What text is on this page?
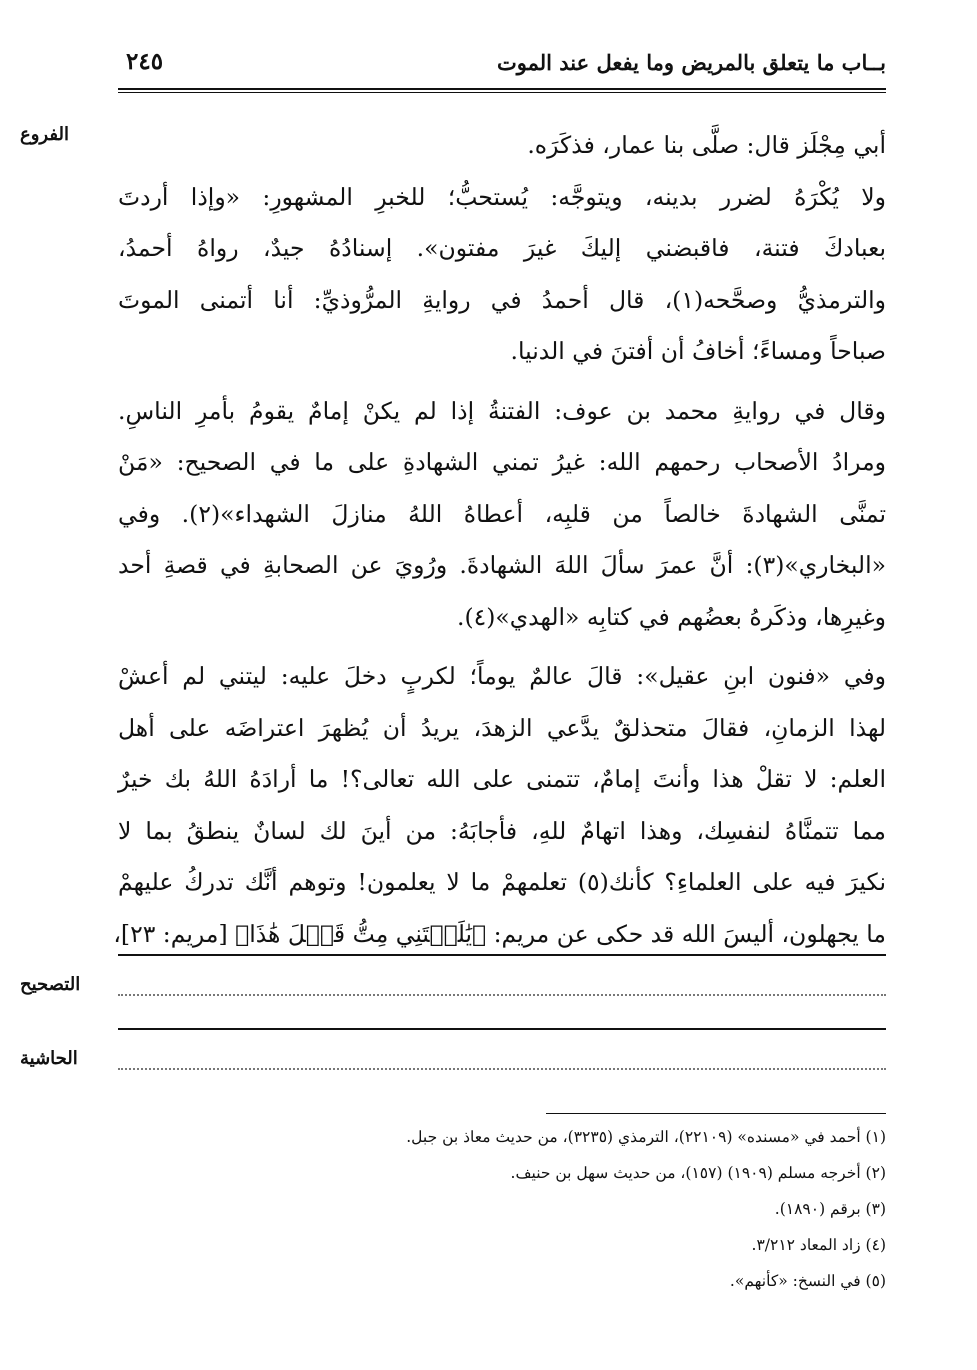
بــاب ما يتعلق بالمريض وما يفعل عند الموت
٢٤٥
الفروع	أبي مِجْلَز قال: صلَّى بنا عمار، فذكَرَه.
ولا يُكْرَهُ لضرر بدينه، ويتوجَّه: يُستحبُّ؛ للخبرِ المشهورِ: «وإذا أردتَ
بعبادكَ فتنة، فاقبضني إليكَ غيرَ مفتون». إسنادُهُ جيدٌ، رواهُ أحمدُ،
والترمذيُّ وصحَّحه(١)، قال أحمدُ في روايةِ المرُّوذيِّ: أنا أتمنى الموتَ
صباحاً ومساءً؛ أخافُ أن أفتنَ في الدنيا.
وقال في روايةِ محمد بن عوف: الفتنةُ إذا لم يكنْ إمامٌ يقومُ بأمرِ الناسِ.
ومرادُ الأصحاب رحمهم الله: غيرُ تمني الشهادةِ على ما في الصحيح: «مَنْ
تمنَّى الشهادةَ خالصاً من قلبِه، أعطاهُ اللهُ منازلَ الشهداء»(٢). وفي
«البخاري»(٣): أنَّ عمرَ سألَ اللهَ الشهادةَ. ورُويَ عن الصحابةِ في قصةِ أحد
وغيرِها، وذكَرهُ بعضُهم في كتابِه «الهدي»(٤).
وفي «فنون ابنِ عقيل»: قالَ عالمٌ يوماً؛ لكربٍ دخلَ عليه: ليتني لم أعشْ
لهذا الزمانِ، فقالَ متحذلقٌ يدَّعي الزهدَ، يريدُ أن يُظهرَ اعتراضَه على أهل
العلم: لا تقلْ هذا وأنتَ إمامٌ، تتمنى على الله تعالى؟! ما أرادَهُ اللهُ بك خيرٌ
مما تتمنَّاهُ لنفسِك، وهذا اتهامٌ للهِ، فأجابَهُ: من أينَ لك لسانٌ ينطقُ بما لا
نكيرَ فيه على العلماءِ؟ كأنك(٥) تعلمهمْ ما لا يعلمون! وتوهم أنَّك تدركُ عليهمْ
ما يجهلون، أليسَ الله قد حكى عن مريم: ﴿يَٰلَيۡتَنِي مِتُّ قَبۡلَ هَٰذَا﴾ [مريم: ٢٣]،
التصحيح
الحاشية
(١) أحمد في «مسنده» (٢٢١٠٩)، الترمذي (٣٢٣٥)، من حديث معاذ بن جبل.
(٢) أخرجه مسلم (١٩٠٩) (١٥٧)، من حديث سهل بن حنيف.
(٣) برقم (١٨٩٠).
(٤) زاد المعاد ٣/٢١٢.
(٥) في النسخ: «كأنهم».
